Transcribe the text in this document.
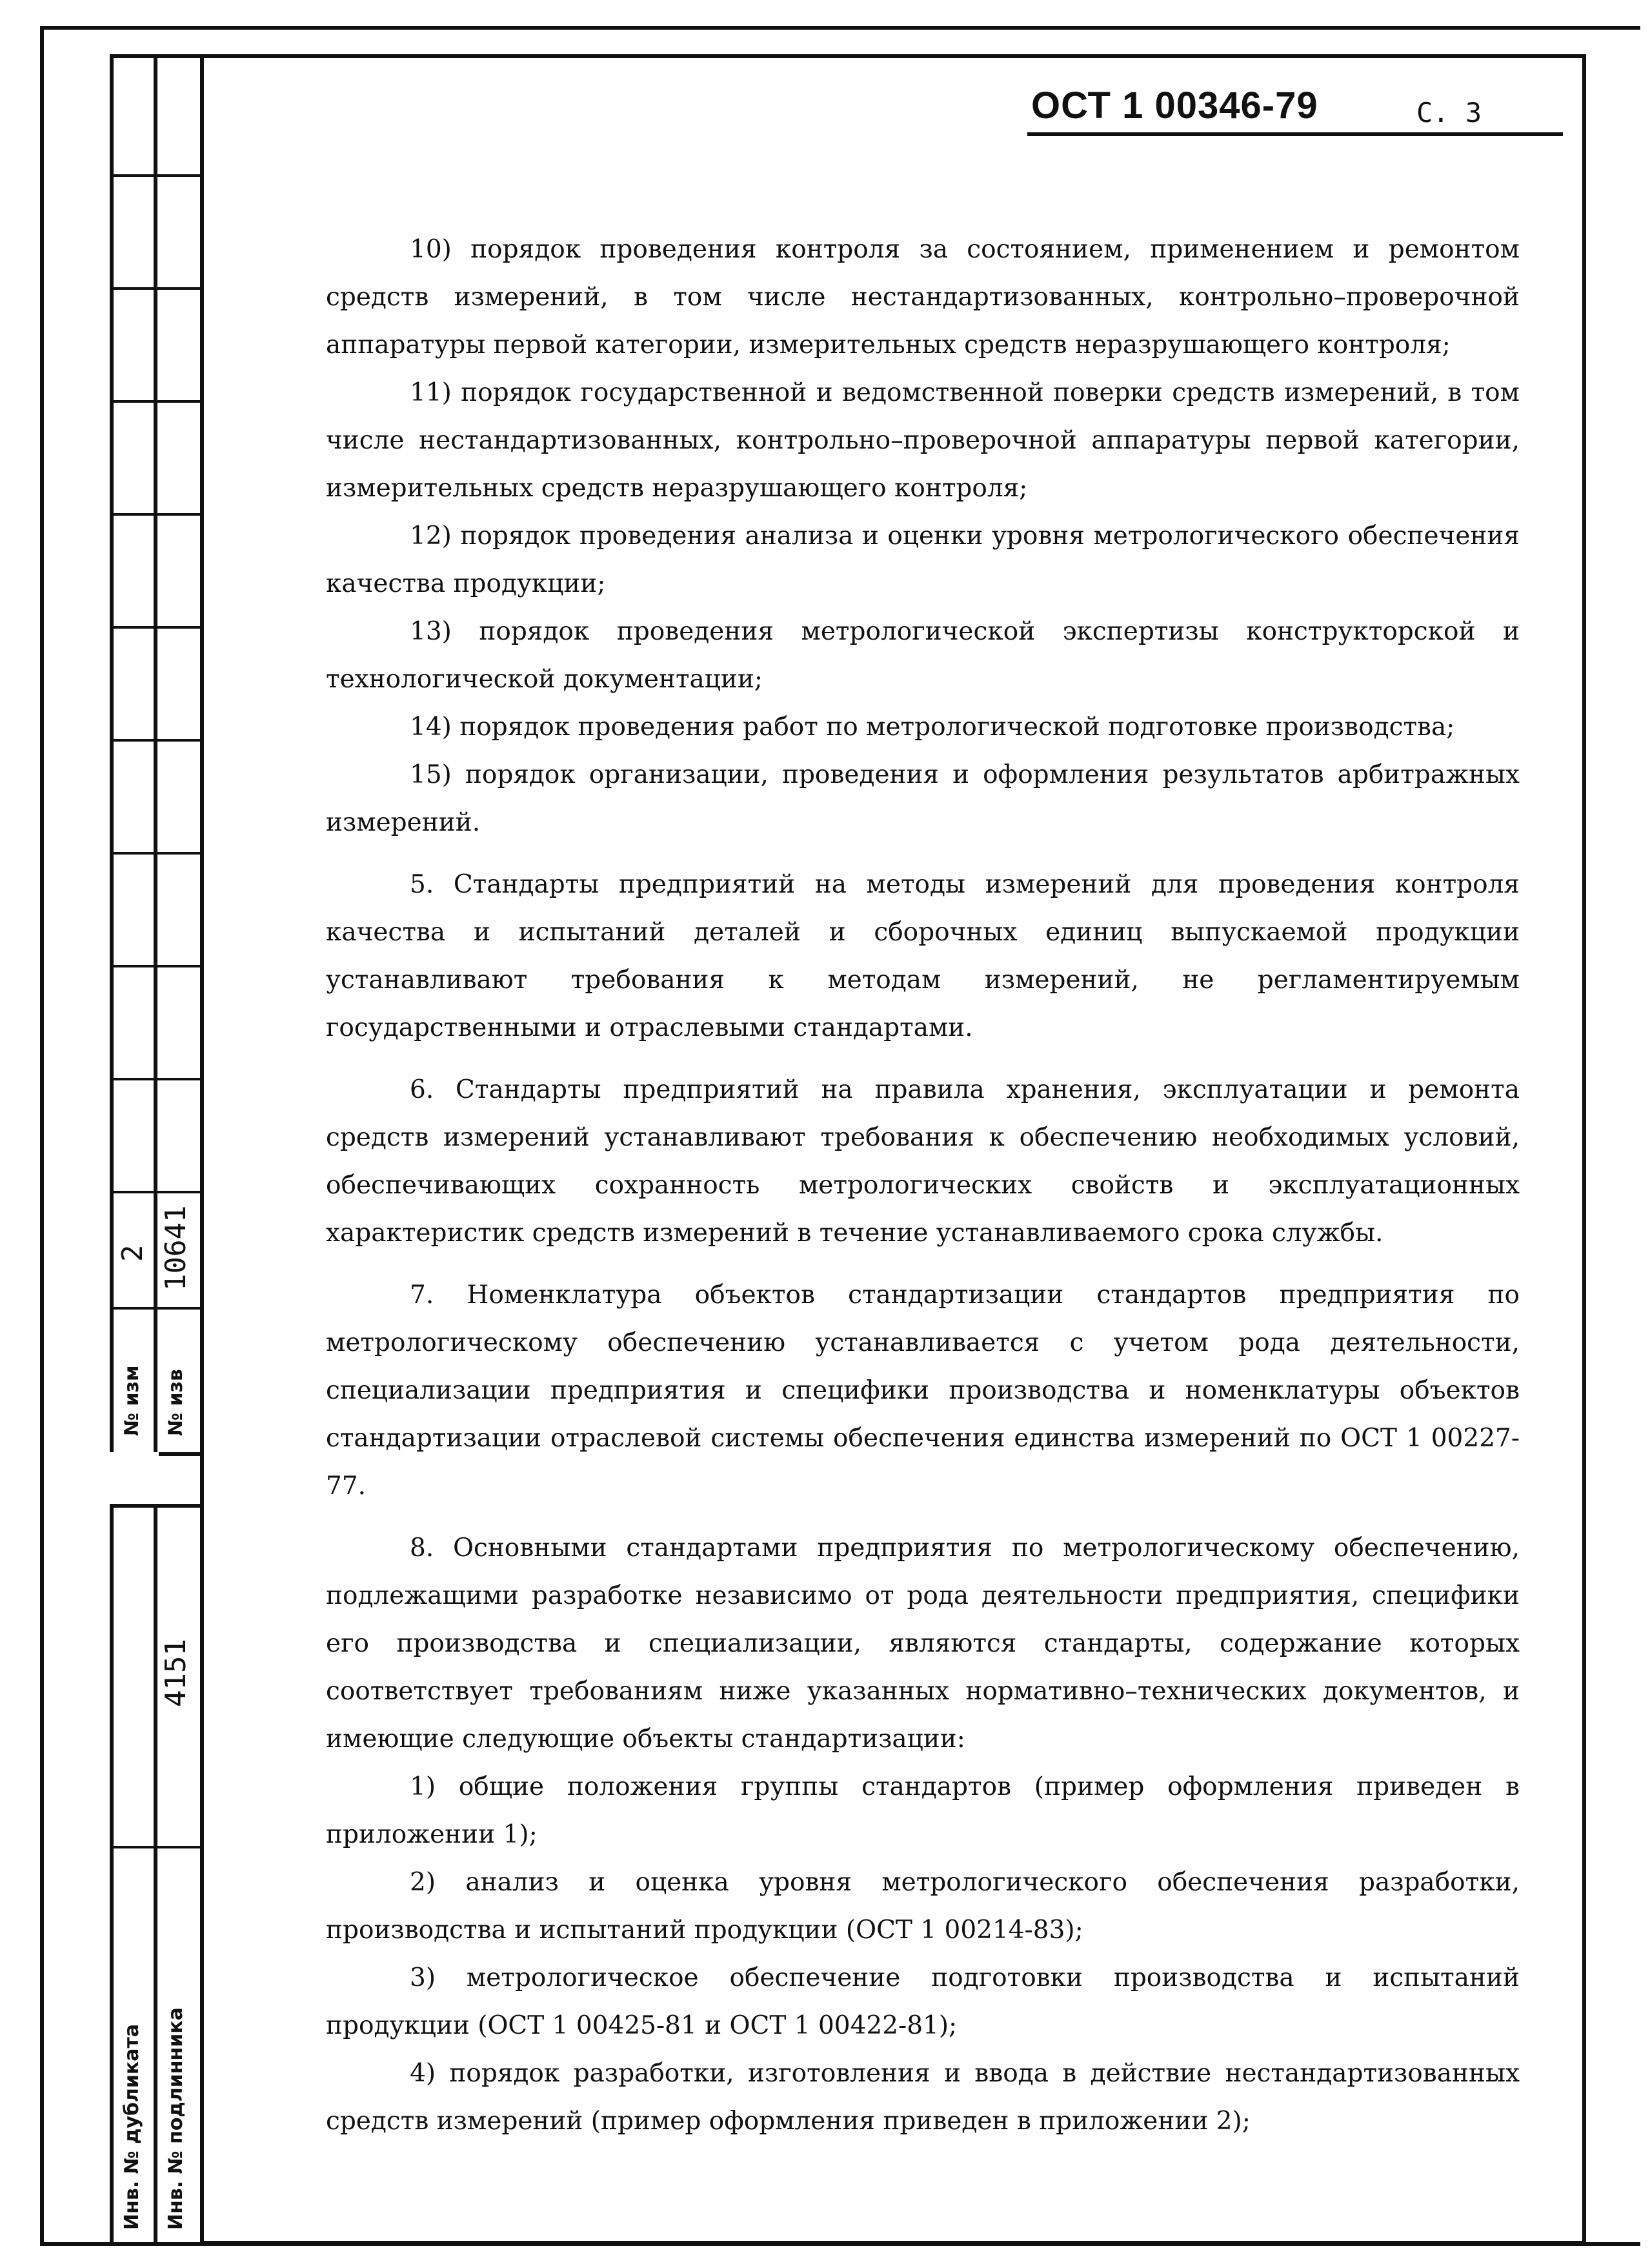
№ изм
2
№ изв
10641
4151
Инв. № дубликата Инв. № подлинника
ОСТ 1 00346-79	С. 3

10) порядок проведения контроля за состоянием, применением и ремонтом средств измерений, в том числе нестандартизованных, контрольно–проверочной аппаратуры первой категории, измерительных средств неразрушающего контроля;

11) порядок государственной и ведомственной поверки средств измерений, в том числе нестандартизованных, контрольно–проверочной аппаратуры первой категории, измерительных средств неразрушающего контроля;

12) порядок проведения анализа и оценки уровня метрологического обеспечения качества продукции;

13) порядок проведения метрологической экспертизы конструкторской и технологической документации;

14) порядок проведения работ по метрологической подготовке производства;

15) порядок организации, проведения и оформления результатов арбитражных измерений.

5. Стандарты предприятий на методы измерений для проведения контроля качества и испытаний деталей и сборочных единиц выпускаемой продукции устанавливают требования к методам измерений, не регламентируемым государственными и отраслевыми стандартами.

6. Стандарты предприятий на правила хранения, эксплуатации и ремонта средств измерений устанавливают требования к обеспечению необходимых условий, обеспечивающих сохранность метрологических свойств и эксплуатационных характеристик средств измерений в течение устанавливаемого срока службы.

7. Номенклатура объектов стандартизации стандартов предприятия по метрологическому обеспечению устанавливается с учетом рода деятельности, специализации предприятия и специфики производства и номенклатуры объектов стандартизации отраслевой системы обеспечения единства измерений по ОСТ 1 00227-77.

8. Основными стандартами предприятия по метрологическому обеспечению, подлежащими разработке независимо от рода деятельности предприятия, специфики его производства и специализации, являются стандарты, содержание которых соответствует требованиям ниже указанных нормативно–технических документов, и имеющие следующие объекты стандартизации:

1) общие положения группы стандартов (пример оформления приведен в приложении 1);

2) анализ и оценка уровня метрологического обеспечения разработки, производства и испытаний продукции (ОСТ 1 00214-83);

3) метрологическое обеспечение подготовки производства и испытаний продукции (ОСТ 1 00425-81 и ОСТ 1 00422-81);

4) порядок разработки, изготовления и ввода в действие нестандартизованных средств измерений (пример оформления приведен в приложении 2);
